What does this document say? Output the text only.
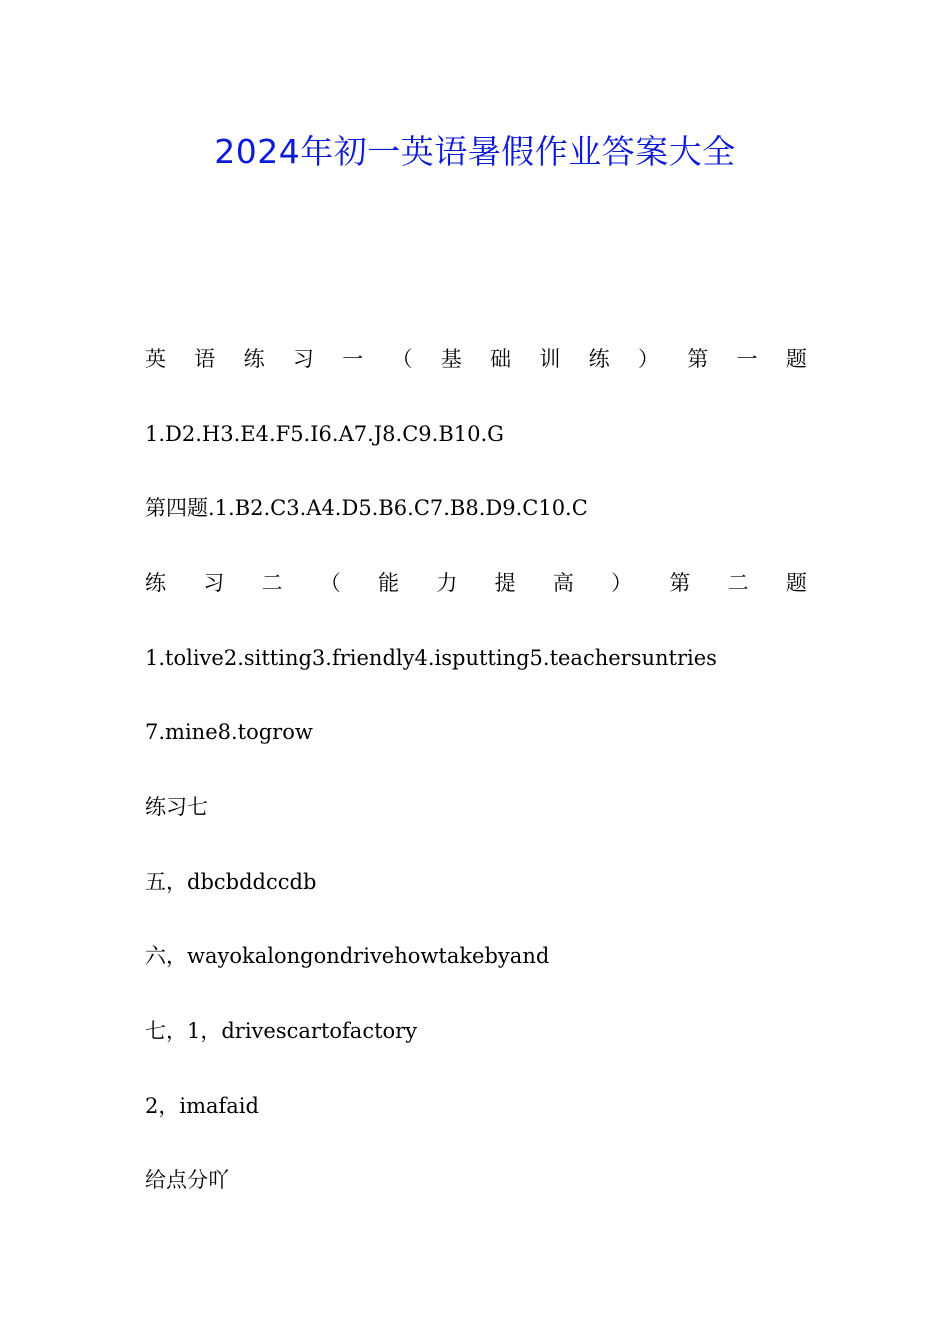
2024年初一英语暑假作业答案大全
英 语 练 习 一 （ 基 础 训 练 ） 第 一 题
1.D2.H3.E4.F5.I6.A7.J8.C9.B10.G
第四题.1.B2.C3.A4.D5.B6.C7.B8.D9.C10.C
练 习 二 （ 能 力 提 高 ） 第 二 题
1.tolive2.sitting3.friendly4.isputting5.teachersuntries
7.mine8.togrow
练习七
五，dbcbddccdb
六，wayokalongondrivehowtakebyand
七，1，drivescartofactory
2，imafaid
给点分吖
